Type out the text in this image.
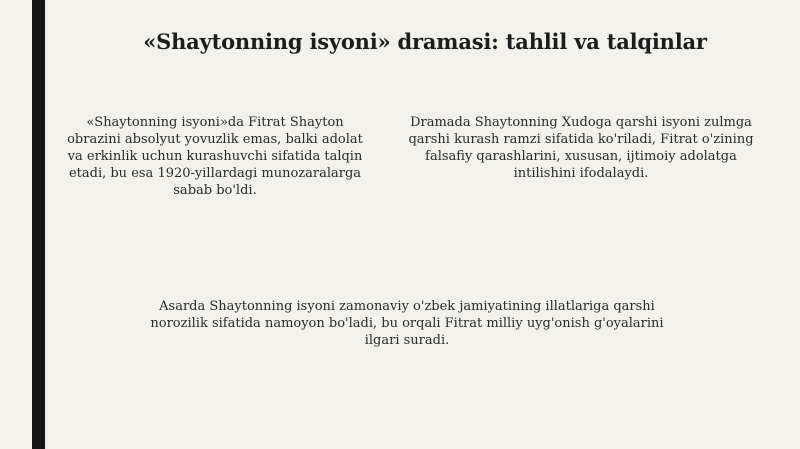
«Shaytonning isyoni» dramasi: tahlil va talqinlar
«Shaytonning isyoni»da Fitrat Shayton obrazini absolyut yovuzlik emas, balki adolat va erkinlik uchun kurashuvchi sifatida talqin etadi, bu esa 1920-yillardagi munozaralarga sabab bo'ldi.
Dramada Shaytonning Xudoga qarshi isyoni zulmga qarshi kurash ramzi sifatida ko'riladi, Fitrat o'zining falsafiy qarashlarini, xususan, ijtimoiy adolatga intilishini ifodalaydi.
Asarda Shaytonning isyoni zamonaviy o'zbek jamiyatining illatlariga qarshi norozilik sifatida namoyon bo'ladi, bu orqali Fitrat milliy uyg'onish g'oyalarini ilgari suradi.
